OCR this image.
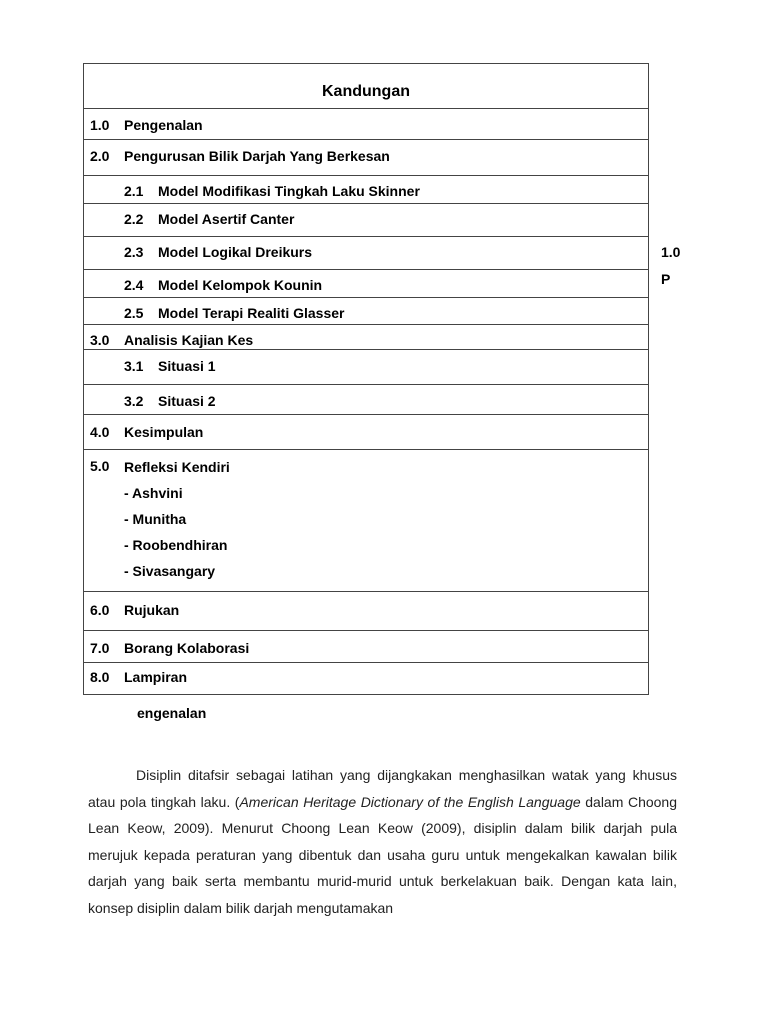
Kandungan
1.0 Pengenalan
2.0 Pengurusan Bilik Darjah Yang Berkesan
2.1 Model Modifikasi Tingkah Laku Skinner
2.2 Model Asertif Canter
2.3 Model Logikal Dreikurs
2.4 Model Kelompok Kounin
2.5 Model Terapi Realiti Glasser
3.0 Analisis Kajian Kes
3.1 Situasi 1
3.2 Situasi 2
4.0 Kesimpulan
5.0 Refleksi Kendiri
- Ashvini
- Munitha
- Roobendhiran
- Sivasangary
6.0 Rujukan
7.0 Borang Kolaborasi
8.0 Lampiran
1.0
P
engenalan
Disiplin ditafsir sebagai latihan yang dijangkakan menghasilkan watak yang khusus atau pola tingkah laku. (American Heritage Dictionary of the English Language dalam Choong Lean Keow, 2009). Menurut Choong Lean Keow (2009), disiplin dalam bilik darjah pula merujuk kepada peraturan yang dibentuk dan usaha guru untuk mengekalkan kawalan bilik darjah yang baik serta membantu murid-murid untuk berkelakuan baik. Dengan kata lain, konsep disiplin dalam bilik darjah mengutamakan
